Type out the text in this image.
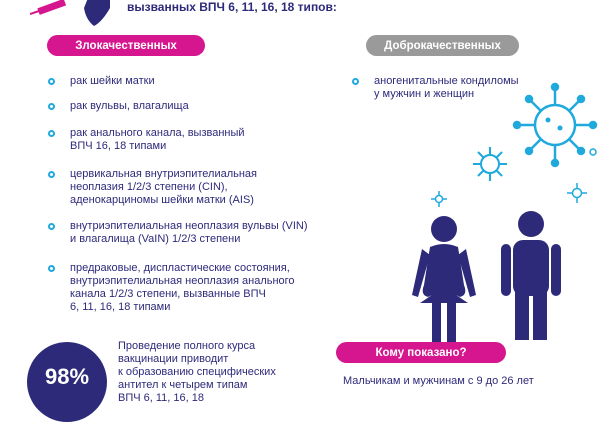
вызванных ВПЧ 6, 11, 16, 18 типов:
Злокачественных	Доброкачественных
рак шейки матки
рак вульвы, влагалища
рак анального канала, вызванный
ВПЧ 16, 18 типами
цервикальная внутриэпителиальная
неоплазия 1/2/3 степени (CIN),
аденокарциномы шейки матки (AIS)
внутриэпителиальная неоплазия вульвы (VIN)
и влагалища (VaIN) 1/2/3 степени
предраковые, диспластические состояния,
внутриэпителиальная неоплазия анального
канала 1/2/3 степени, вызванные ВПЧ
6, 11, 16, 18 типами
аногенитальные кондиломы
у мужчин и женщин
98%
Проведение полного курса
вакцинации приводит
к образованию специфических
антител к четырем типам
ВПЧ 6, 11, 16, 18
Кому показано?
Мальчикам и мужчинам с 9 до 26 лет
